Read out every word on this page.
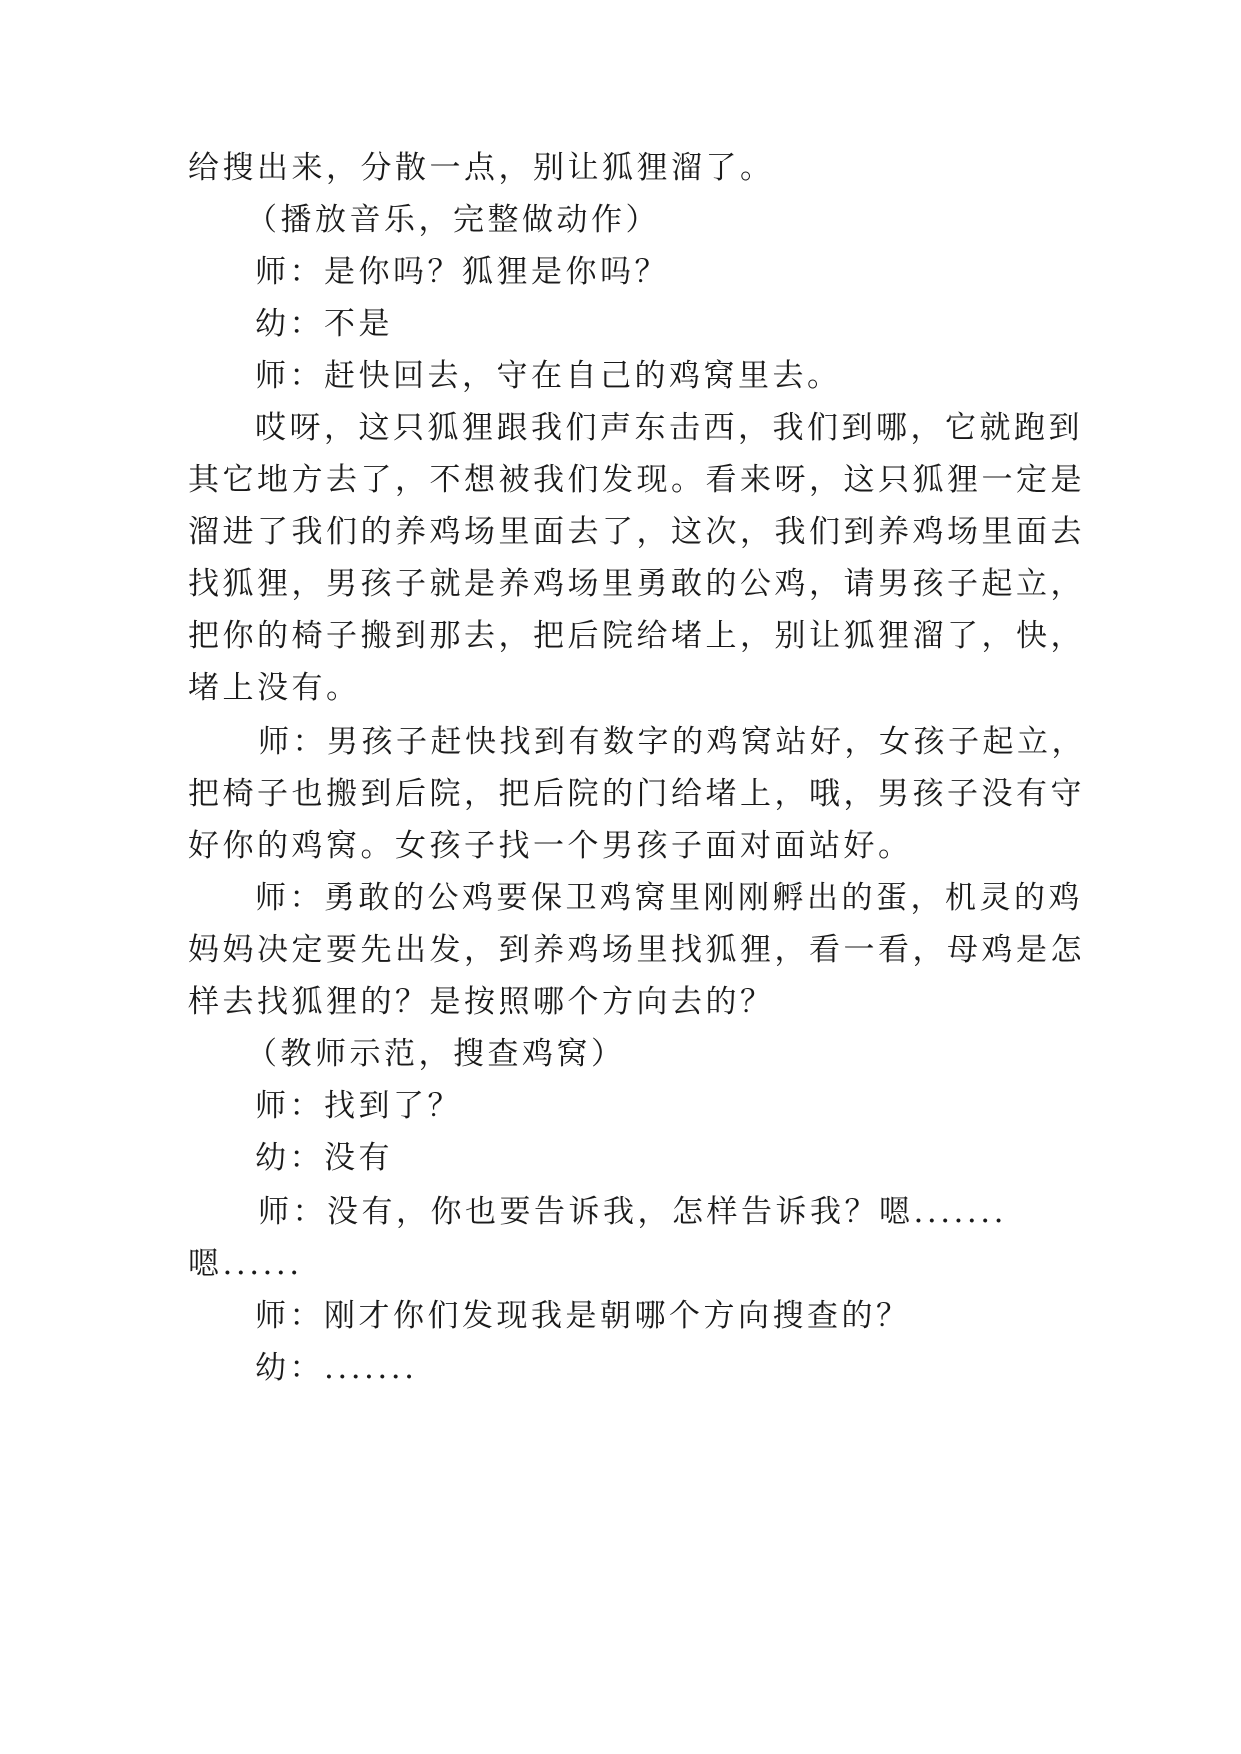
给搜出来，分散一点，别让狐狸溜了。
（播放音乐，完整做动作）
师：是你吗？狐狸是你吗？
幼：不是
师：赶快回去，守在自己的鸡窝里去。
哎呀，这只狐狸跟我们声东击西，我们到哪，它就跑到
其它地方去了，不想被我们发现。看来呀，这只狐狸一定是
溜进了我们的养鸡场里面去了，这次，我们到养鸡场里面去
找狐狸，男孩子就是养鸡场里勇敢的公鸡，请男孩子起立，
把你的椅子搬到那去，把后院给堵上，别让狐狸溜了，快，
堵上没有。
师：男孩子赶快找到有数字的鸡窝站好，女孩子起立，
把椅子也搬到后院，把后院的门给堵上，哦，男孩子没有守
好你的鸡窝。女孩子找一个男孩子面对面站好。
师：勇敢的公鸡要保卫鸡窝里刚刚孵出的蛋，机灵的鸡
妈妈决定要先出发，到养鸡场里找狐狸，看一看，母鸡是怎
样去找狐狸的？是按照哪个方向去的？
（教师示范，搜查鸡窝）
师：找到了？
幼：没有
师：没有，你也要告诉我，怎样告诉我？嗯.......
嗯......
师：刚才你们发现我是朝哪个方向搜查的？
幼：.......
